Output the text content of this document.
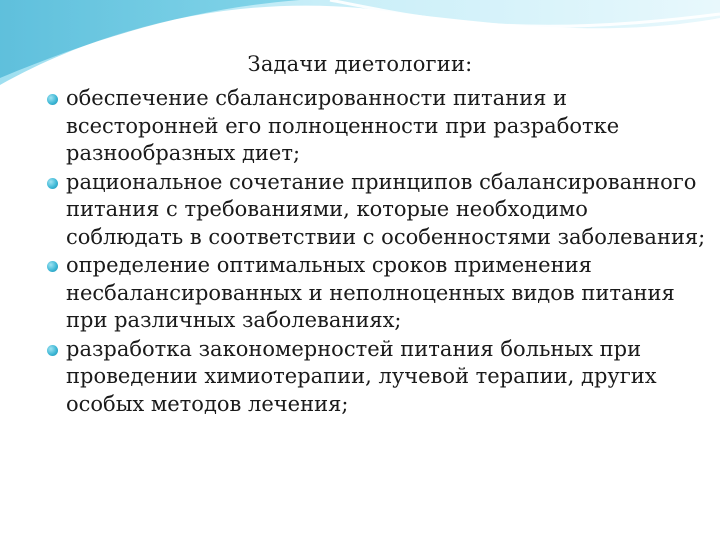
Задачи диетологии:
обеспечение сбалансированности питания и всесторонней его полноценности при разработке разнообразных диет;
рациональное сочетание принципов сбалансированного питания с требованиями, которые необходимо соблюдать в соответствии с особенностями заболевания;
определение оптимальных сроков применения несбалансированных и неполноценных видов питания при различных заболеваниях;
разработка закономерностей питания больных при проведении химиотерапии, лучевой терапии, других особых методов лечения;
